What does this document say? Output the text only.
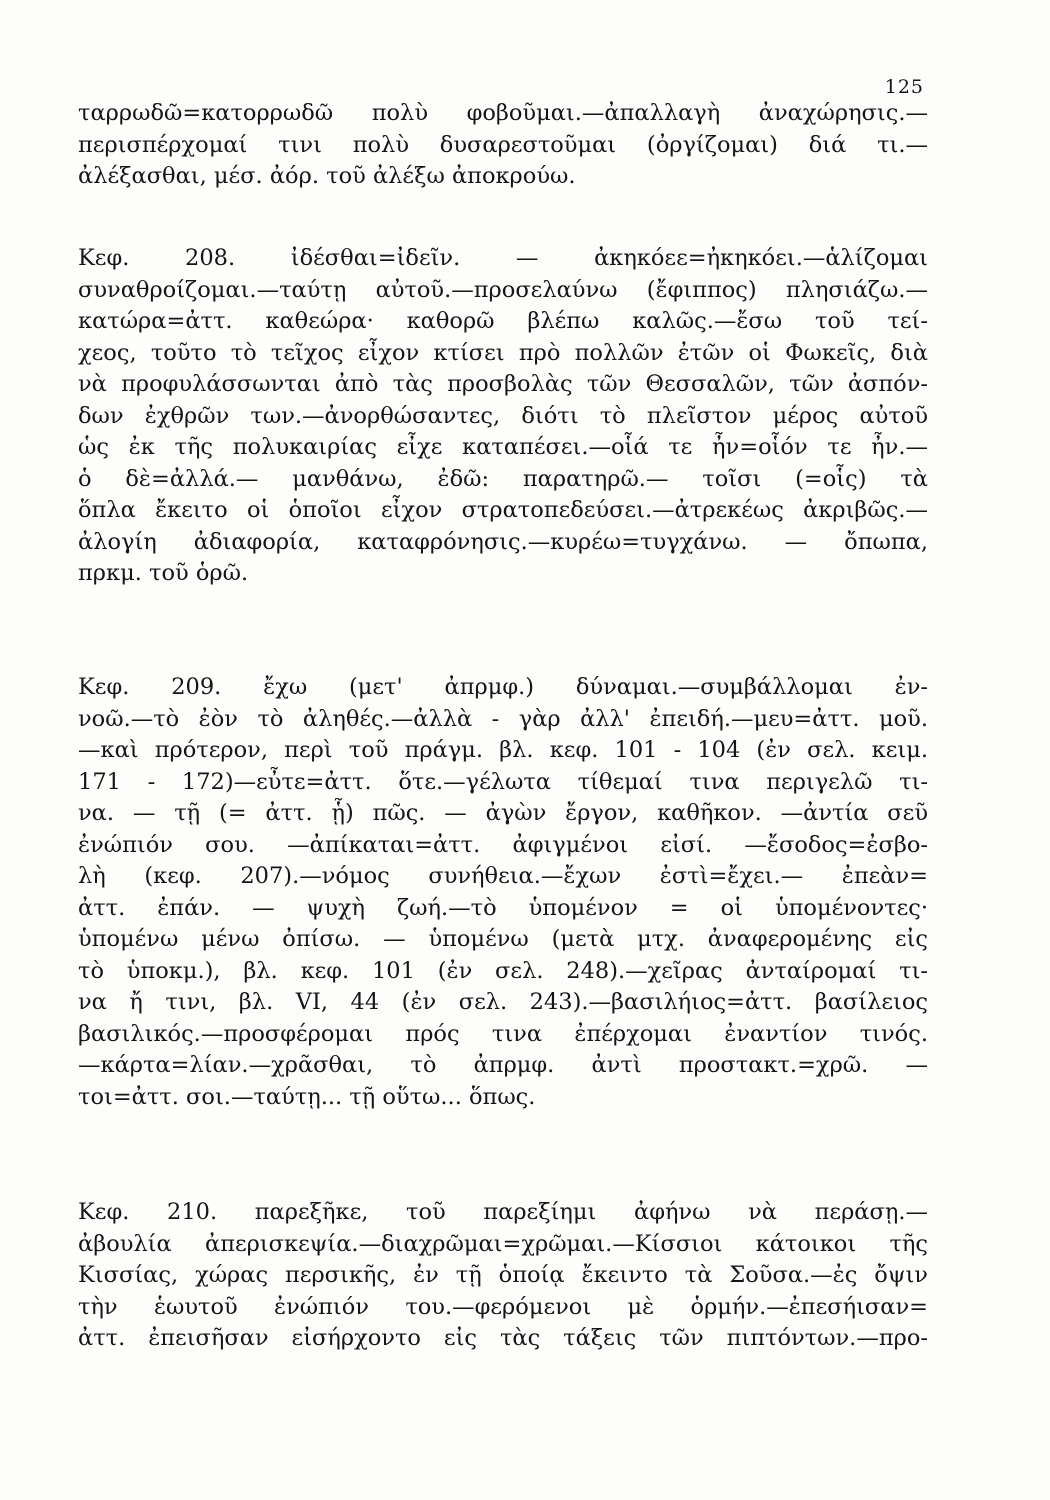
125
ταρρωδῶ=κατορρωδῶ πολὺ φοβοῦμαι.—ἀπαλλαγὴ ἀναχώρησις.—
περισπέρχομαί τινι πολὺ δυσαρεστοῦμαι (ὀργίζομαι) διά τι.—
ἀλέξασθαι, μέσ. ἀόρ. τοῦ ἀλέξω ἀποκρούω.
Κεφ. 208. ἰδέσθαι=ἰδεῖν. — ἀκηκόεε=ἠκηκόει.—ἁλίζομαι
συναθροίζομαι.—ταύτῃ αὐτοῦ.—προσελαύνω (ἔφιππος) πλησιάζω.—
κατώρα=ἀττ. καθεώρα· καθορῶ βλέπω καλῶς.—ἔσω τοῦ τεί-
χεος, τοῦτο τὸ τεῖχος εἶχον κτίσει πρὸ πολλῶν ἐτῶν οἱ Φωκεῖς, διὰ
νὰ προφυλάσσωνται ἀπὸ τὰς προσβολὰς τῶν Θεσσαλῶν, τῶν ἀσπόν-
δων ἐχθρῶν των.—ἀνορθώσαντες, διότι τὸ πλεῖστον μέρος αὐτοῦ
ὡς ἐκ τῆς πολυκαιρίας εἶχε καταπέσει.—οἷά τε ἦν=οἷόν τε ἦν.—
ὁ δὲ=ἀλλά.— μανθάνω, ἐδῶ: παρατηρῶ.— τοῖσι (=οἷς) τὰ
ὅπλα ἔκειτο οἱ ὁποῖοι εἶχον στρατοπεδεύσει.—ἀτρεκέως ἀκριβῶς.—
ἀλογίη ἀδιαφορία, καταφρόνησις.—κυρέω=τυγχάνω. — ὄπωπα,
πρκμ. τοῦ ὁρῶ.
Κεφ. 209. ἔχω (μετ' ἀπρμφ.) δύναμαι.—συμβάλλομαι ἐν-
νοῶ.—τὸ ἐὸν τὸ ἀληθές.—ἀλλὰ - γὰρ ἀλλ' ἐπειδή.—μευ=ἀττ. μοῦ.
—καὶ πρότερον, περὶ τοῦ πράγμ. βλ. κεφ. 101 - 104 (ἐν σελ. κειμ.
171 - 172)—εὖτε=ἀττ. ὅτε.—γέλωτα τίθεμαί τινα περιγελῶ τι-
να. — τῇ (= ἀττ. ᾗ) πῶς. — ἀγὼν ἔργον, καθῆκον. —ἀντία σεῦ
ἐνώπιόν σου. —ἀπίκαται=ἀττ. ἀφιγμένοι εἰσί. —ἔσοδος=ἐσβο-
λὴ (κεφ. 207).—νόμος συνήθεια.—ἔχων ἐστὶ=ἔχει.— ἐπεὰν=
ἀττ. ἐπάν. — ψυχὴ ζωή.—τὸ ὑπομένον = οἱ ὑπομένοντες·
ὑπομένω μένω ὀπίσω. — ὑπομένω (μετὰ μτχ. ἀναφερομένης εἰς
τὸ ὑποκμ.), βλ. κεφ. 101 (ἐν σελ. 248).—χεῖρας ἀνταίρομαί τι-
να ἤ τινι, βλ. VI, 44 (ἐν σελ. 243).—βασιλήιος=ἀττ. βασίλειος
βασιλικός.—προσφέρομαι πρός τινα ἐπέρχομαι ἐναντίον τινός.
—κάρτα=λίαν.—χρᾶσθαι, τὸ ἀπρμφ. ἀντὶ προστακτ.=χρῶ. —
τοι=ἀττ. σοι.—ταύτῃ... τῇ οὕτω... ὅπως.
Κεφ. 210. παρεξῆκε, τοῦ παρεξίημι ἀφήνω νὰ περάσῃ.—
ἀβουλία ἀπερισκεψία.—διαχρῶμαι=χρῶμαι.—Κίσσιοι κάτοικοι τῆς
Κισσίας, χώρας περσικῆς, ἐν τῇ ὁποίᾳ ἔκειντο τὰ Σοῦσα.—ἐς ὄψιν
τὴν ἑωυτοῦ ἐνώπιόν του.—φερόμενοι μὲ ὁρμήν.—ἐπεσήισαν=
ἀττ. ἐπεισῆσαν εἰσήρχοντο εἰς τὰς τάξεις τῶν πιπτόντων.—προ-
